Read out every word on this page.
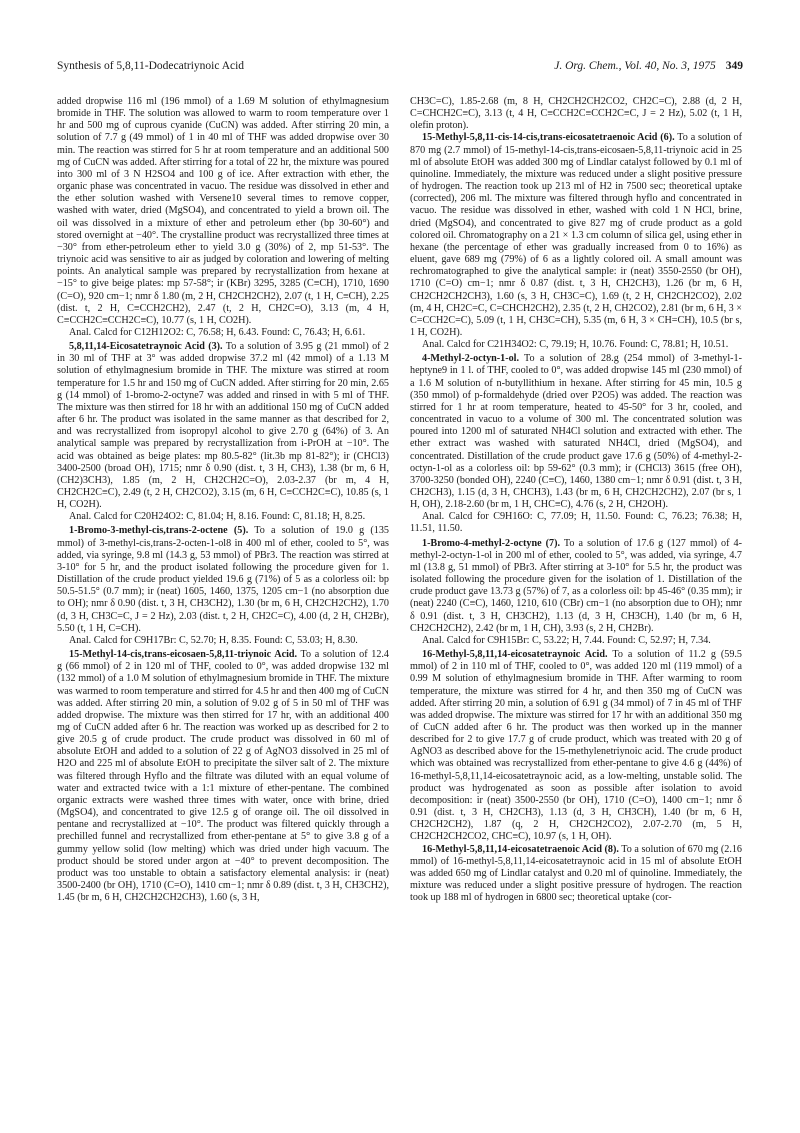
Synthesis of 5,8,11-Dodecatriynoic Acid	J. Org. Chem., Vol. 40, No. 3, 1975 349

added dropwise 116 ml (196 mmol) of a 1.69 M solution of ethylmagnesium bromide in THF. The solution was allowed to warm to room temperature over 1 hr and 500 mg of cuprous cyanide (CuCN) was added. After stirring 20 min, a solution of 7.7 g (49 mmol) of 1 in 40 ml of THF was added dropwise over 30 min. The reaction was stirred for 5 hr at room temperature and an additional 500 mg of CuCN was added. After stirring for a total of 22 hr, the mixture was poured into 300 ml of 3 N H2SO4 and 100 g of ice. After extraction with ether, the organic phase was concentrated in vacuo. The residue was dissolved in ether and the ether solution washed with Versene10 several times to remove copper, washed with water, dried (MgSO4), and concentrated to yield a brown oil. The oil was dissolved in a mixture of ether and petroleum ether (bp 30-60°) and stored overnight at −40°. The crystalline product was recrystallized three times at −30° from ether-petroleum ether to yield 3.0 g (30%) of 2, mp 51-53°. The triynoic acid was sensitive to air as judged by coloration and lowering of melting points. An analytical sample was prepared by recrystallization from hexane at −15° to give beige plates: mp 57-58°; ir (KBr) 3295, 3285 (C≡CH), 1710, 1690 (C=O), 920 cm−1; nmr δ 1.80 (m, 2 H, CH2CH2CH2), 2.07 (t, 1 H, C≡CH), 2.25 (dist. t, 2 H, C≡CCH2CH2), 2.47 (t, 2 H, CH2C=O), 3.13 (m, 4 H, C≡CCH2C≡CCH2C≡C), 10.77 (s, 1 H, CO2H).

Anal. Calcd for C12H12O2: C, 76.58; H, 6.43. Found: C, 76.43; H, 6.61.

5,8,11,14-Eicosatetraynoic Acid (3). To a solution of 3.95 g (21 mmol) of 2 in 30 ml of THF at 3° was added dropwise 37.2 ml (42 mmol) of a 1.13 M solution of ethylmagnesium bromide in THF. The mixture was stirred at room temperature for 1.5 hr and 150 mg of CuCN added. After stirring for 20 min, 2.65 g (14 mmol) of 1-bromo-2-octyne7 was added and rinsed in with 5 ml of THF. The mixture was then stirred for 18 hr with an additional 150 mg of CuCN added after 6 hr. The product was isolated in the same manner as that described for 2, and was recrystallized from isopropyl alcohol to give 2.70 g (64%) of 3. An analytical sample was prepared by recrystallization from i-PrOH at −10°. The acid was obtained as beige plates: mp 80.5-82° (lit.3b mp 81-82°); ir (CHCl3) 3400-2500 (broad OH), 1715; nmr δ 0.90 (dist. t, 3 H, CH3), 1.38 (br m, 6 H, (CH2)3CH3), 1.85 (m, 2 H, CH2CH2C=O), 2.03-2.37 (br m, 4 H, CH2CH2C≡C), 2.49 (t, 2 H, CH2CO2), 3.15 (m, 6 H, C≡CCH2C≡C), 10.85 (s, 1 H, CO2H).

Anal. Calcd for C20H24O2: C, 81.04; H, 8.16. Found: C, 81.18; H, 8.25.

1-Bromo-3-methyl-cis,trans-2-octene (5). To a solution of 19.0 g (135 mmol) of 3-methyl-cis,trans-2-octen-1-ol8 in 400 ml of ether, cooled to 5°, was added, via syringe, 9.8 ml (14.3 g, 53 mmol) of PBr3. The reaction was stirred at 3-10° for 5 hr, and the product isolated following the procedure given for 1. Distillation of the crude product yielded 19.6 g (71%) of 5 as a colorless oil: bp 50.5-51.5° (0.7 mm); ir (neat) 1605, 1460, 1375, 1205 cm−1 (no absorption due to OH); nmr δ 0.90 (dist. t, 3 H, CH3CH2), 1.30 (br m, 6 H, CH2CH2CH2), 1.70 (d, 3 H, CH3C=C, J = 2 Hz), 2.03 (dist. t, 2 H, CH2C=C), 4.00 (d, 2 H, CH2Br), 5.50 (t, 1 H, C=CH).

Anal. Calcd for C9H17Br: C, 52.70; H, 8.35. Found: C, 53.03; H, 8.30.

15-Methyl-14-cis,trans-eicosaen-5,8,11-triynoic Acid. To a solution of 12.4 g (66 mmol) of 2 in 120 ml of THF, cooled to 0°, was added dropwise 132 ml (132 mmol) of a 1.0 M solution of ethylmagnesium bromide in THF. The mixture was warmed to room temperature and stirred for 4.5 hr and then 400 mg of CuCN was added. After stirring 20 min, a solution of 9.02 g of 5 in 50 ml of THF was added dropwise. The mixture was then stirred for 17 hr, with an additional 400 mg of CuCN added after 6 hr. The reaction was worked up as described for 2 to give 20.5 g of crude product. The crude product was dissolved in 60 ml of absolute EtOH and added to a solution of 22 g of AgNO3 dissolved in 25 ml of H2O and 225 ml of absolute EtOH to precipitate the silver salt of 2. The mixture was filtered through Hyflo and the filtrate was diluted with an equal volume of water and extracted twice with a 1:1 mixture of ether-pentane. The combined organic extracts were washed three times with water, once with brine, dried (MgSO4), and concentrated to give 12.5 g of orange oil. The oil dissolved in pentane and recrystallized at −10°. The product was filtered quickly through a prechilled funnel and recrystallized from ether-pentane at 5° to give 3.8 g of a gummy yellow solid (low melting) which was dried under high vacuum. The product should be stored under argon at −40° to prevent decomposition. The product was too unstable to obtain a satisfactory elemental analysis: ir (neat) 3500-2400 (br OH), 1710 (C=O), 1410 cm−1; nmr δ 0.89 (dist. t, 3 H, CH3CH2), 1.45 (br m, 6 H, CH2CH2CH2CH3), 1.60 (s, 3 H,

CH3C=C), 1.85-2.68 (m, 8 H, CH2CH2CH2CO2, CH2C=C), 2.88 (d, 2 H, C=CHCH2C≡C), 3.13 (t, 4 H, C≡CCH2C≡CCH2C≡C, J = 2 Hz), 5.02 (t, 1 H, olefin proton).

15-Methyl-5,8,11-cis-14-cis,trans-eicosatetraenoic Acid (6). To a solution of 870 mg (2.7 mmol) of 15-methyl-14-cis,trans-eicosaen-5,8,11-triynoic acid in 25 ml of absolute EtOH was added 300 mg of Lindlar catalyst followed by 0.1 ml of quinoline. Immediately, the mixture was reduced under a slight positive pressure of hydrogen. The reaction took up 213 ml of H2 in 7500 sec; theoretical uptake (corrected), 206 ml. The mixture was filtered through hyflo and concentrated in vacuo. The residue was dissolved in ether, washed with cold 1 N HCl, brine, dried (MgSO4), and concentrated to give 827 mg of crude product as a gold colored oil. Chromatography on a 21 × 1.3 cm column of silica gel, using ether in hexane (the percentage of ether was gradually increased from 0 to 16%) as eluent, gave 689 mg (79%) of 6 as a lightly colored oil. A small amount was rechromatographed to give the analytical sample: ir (neat) 3550-2550 (br OH), 1710 (C=O) cm−1; nmr δ 0.87 (dist. t, 3 H, CH2CH3), 1.26 (br m, 6 H, CH2CH2CH2CH3), 1.60 (s, 3 H, CH3C=C), 1.69 (t, 2 H, CH2CH2CO2), 2.02 (m, 4 H, CH2C=C, C=CHCH2CH2), 2.35 (t, 2 H, CH2CO2), 2.81 (br m, 6 H, 3 × C=CCH2C=C), 5.09 (t, 1 H, CH3C=CH), 5.35 (m, 6 H, 3 × CH=CH), 10.5 (br s, 1 H, CO2H).

Anal. Calcd for C21H34O2: C, 79.19; H, 10.76. Found: C, 78.81; H, 10.51.

4-Methyl-2-octyn-1-ol. To a solution of 28.g (254 mmol) of 3-methyl-1-heptyne9 in 1 l. of THF, cooled to 0°, was added dropwise 145 ml (230 mmol) of a 1.6 M solution of n-butyllithium in hexane. After stirring for 45 min, 10.5 g (350 mmol) of p-formaldehyde (dried over P2O5) was added. The reaction was stirred for 1 hr at room temperature, heated to 45-50° for 3 hr, cooled, and concentrated in vacuo to a volume of 300 ml. The concentrated solution was poured into 1200 ml of saturated NH4Cl solution and extracted with ether. The ether extract was washed with saturated NH4Cl, dried (MgSO4), and concentrated. Distillation of the crude product gave 17.6 g (50%) of 4-methyl-2-octyn-1-ol as a colorless oil: bp 59-62° (0.3 mm); ir (CHCl3) 3615 (free OH), 3700-3250 (bonded OH), 2240 (C≡C), 1460, 1380 cm−1; nmr δ 0.91 (dist. t, 3 H, CH2CH3), 1.15 (d, 3 H, CHCH3), 1.43 (br m, 6 H, CH2CH2CH2), 2.07 (br s, 1 H, OH), 2.18-2.60 (br m, 1 H, CHC≡C), 4.76 (s, 2 H, CH2OH).

Anal. Calcd for C9H16O: C, 77.09; H, 11.50. Found: C, 76.23; 76.38; H, 11.51, 11.50.

1-Bromo-4-methyl-2-octyne (7). To a solution of 17.6 g (127 mmol) of 4-methyl-2-octyn-1-ol in 200 ml of ether, cooled to 5°, was added, via syringe, 4.7 ml (13.8 g, 51 mmol) of PBr3. After stirring at 3-10° for 5.5 hr, the product was isolated following the procedure given for the isolation of 1. Distillation of the crude product gave 13.73 g (57%) of 7, as a colorless oil: bp 45-46° (0.35 mm); ir (neat) 2240 (C≡C), 1460, 1210, 610 (CBr) cm−1 (no absorption due to OH); nmr δ 0.91 (dist. t, 3 H, CH3CH2), 1.13 (d, 3 H, CH3CH), 1.40 (br m, 6 H, CH2CH2CH2), 2.42 (br m, 1 H, CH), 3.93 (s, 2 H, CH2Br).

Anal. Calcd for C9H15Br: C, 53.22; H, 7.44. Found: C, 52.97; H, 7.34.

16-Methyl-5,8,11,14-eicosatetraynoic Acid. To a solution of 11.2 g (59.5 mmol) of 2 in 110 ml of THF, cooled to 0°, was added 120 ml (119 mmol) of a 0.99 M solution of ethylmagnesium bromide in THF. After warming to room temperature, the mixture was stirred for 4 hr, and then 350 mg of CuCN was added. After stirring 20 min, a solution of 6.91 g (34 mmol) of 7 in 45 ml of THF was added dropwise. The mixture was stirred for 17 hr with an additional 350 mg of CuCN added after 6 hr. The product was then worked up in the manner described for 2 to give 17.7 g of crude product, which was treated with 20 g of AgNO3 as described above for the 15-methylenetriynoic acid. The crude product which was obtained was recrystallized from ether-pentane to give 4.6 g (44%) of 16-methyl-5,8,11,14-eicosatetraynoic acid, as a low-melting, unstable solid. The product was hydrogenated as soon as possible after isolation to avoid decomposition: ir (neat) 3500-2550 (br OH), 1710 (C=O), 1400 cm−1; nmr δ 0.91 (dist. t, 3 H, CH2CH3), 1.13 (d, 3 H, CH3CH), 1.40 (br m, 6 H, CH2CH2CH2), 1.87 (q, 2 H, CH2CH2CO2), 2.07-2.70 (m, 5 H, CH2CH2CH2CO2, CHC≡C), 10.97 (s, 1 H, OH).

16-Methyl-5,8,11,14-eicosatetraenoic Acid (8). To a solution of 670 mg (2.16 mmol) of 16-methyl-5,8,11,14-eicosatetraynoic acid in 15 ml of absolute EtOH was added 650 mg of Lindlar catalyst and 0.20 ml of quinoline. Immediately, the mixture was reduced under a slight positive pressure of hydrogen. The reaction took up 188 ml of hydrogen in 6800 sec; theoretical uptake (cor-
